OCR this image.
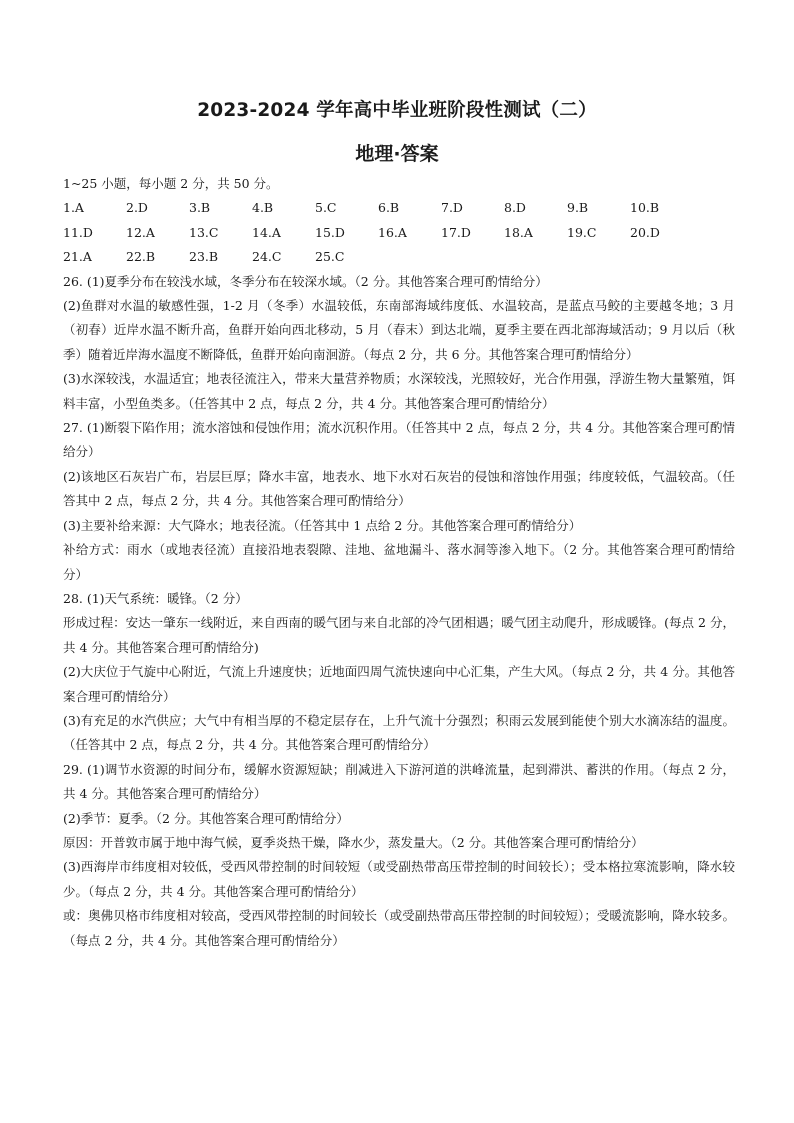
2023-2024 学年高中毕业班阶段性测试（二）
地理·答案

1~25 小题，每小题 2 分，共 50 分。

1.A	2.D	3.B	4.B	5.C	6.B	7.D	8.D	9.B	10.B
11.D	12.A	13.C	14.A	15.D	16.A	17.D	18.A	19.C	20.D
21.A	22.B	23.B	24.C	25.C

26. (1)夏季分布在较浅水域，冬季分布在较深水域。（2 分。其他答案合理可酌情给分）

(2)鱼群对水温的敏感性强，1-2 月（冬季）水温较低，东南部海域纬度低、水温较高，是蓝点马鲛的主要越冬地；3 月（初春）近岸水温不断升高，鱼群开始向西北移动，5 月（春末）到达北端，夏季主要在西北部海域活动；9 月以后（秋季）随着近岸海水温度不断降低，鱼群开始向南洄游。（每点 2 分，共 6 分。其他答案合理可酌情给分）

(3)水深较浅，水温适宜；地表径流注入，带来大量营养物质；水深较浅，光照较好，光合作用强，浮游生物大量繁殖，饵料丰富，小型鱼类多。（任答其中 2 点，每点 2 分，共 4 分。其他答案合理可酌情给分）

27. (1)断裂下陷作用；流水溶蚀和侵蚀作用；流水沉积作用。（任答其中 2 点，每点 2 分，共 4 分。其他答案合理可酌情给分）

(2)该地区石灰岩广布，岩层巨厚；降水丰富，地表水、地下水对石灰岩的侵蚀和溶蚀作用强；纬度较低，气温较高。（任答其中 2 点，每点 2 分，共 4 分。其他答案合理可酌情给分）

(3)主要补给来源：大气降水；地表径流。（任答其中 1 点给 2 分。其他答案合理可酌情给分）

补给方式：雨水（或地表径流）直接沿地表裂隙、洼地、盆地漏斗、落水洞等渗入地下。（2 分。其他答案合理可酌情给分）

28. (1)天气系统：暖锋。（2 分）

形成过程：安达一肇东一线附近，来自西南的暖气团与来自北部的冷气团相遇；暖气团主动爬升，形成暖锋。(每点 2 分，共 4 分。其他答案合理可酌情给分)

(2)大庆位于气旋中心附近，气流上升速度快；近地面四周气流快速向中心汇集，产生大风。（每点 2 分，共 4 分。其他答案合理可酌情给分）

(3)有充足的水汽供应；大气中有相当厚的不稳定层存在，上升气流十分强烈；积雨云发展到能使个别大水滴冻结的温度。（任答其中 2 点，每点 2 分，共 4 分。其他答案合理可酌情给分）

29. (1)调节水资源的时间分布，缓解水资源短缺；削减进入下游河道的洪峰流量，起到滞洪、蓄洪的作用。（每点 2 分，共 4 分。其他答案合理可酌情给分）

(2)季节：夏季。（2 分。其他答案合理可酌情给分）

原因：开普敦市属于地中海气候，夏季炎热干燥，降水少，蒸发量大。（2 分。其他答案合理可酌情给分）

(3)西海岸市纬度相对较低，受西风带控制的时间较短（或受副热带高压带控制的时间较长）；受本格拉寒流影响，降水较少。（每点 2 分，共 4 分。其他答案合理可酌情给分）

或：奥佛贝格市纬度相对较高，受西风带控制的时间较长（或受副热带高压带控制的时间较短）；受暖流影响，降水较多。（每点 2 分，共 4 分。其他答案合理可酌情给分）
